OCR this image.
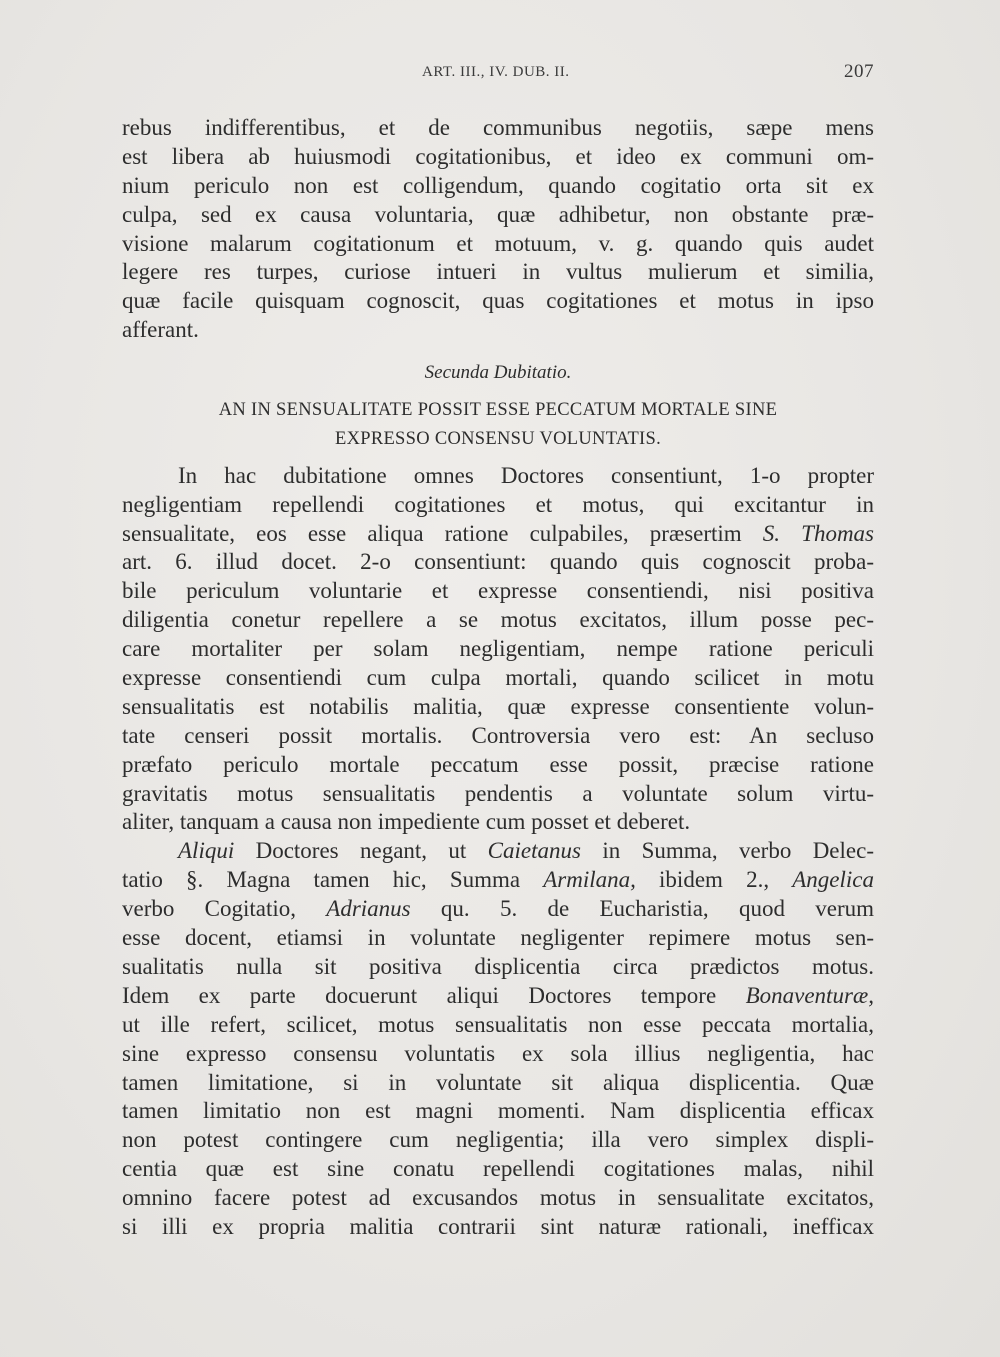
ART. III., IV. DUB. II.	207
rebus indifferentibus, et de communibus negotiis, sæpe mens
est libera ab huiusmodi cogitationibus, et ideo ex communi om-
nium periculo non est colligendum, quando cogitatio orta sit ex
culpa, sed ex causa voluntaria, quæ adhibetur, non obstante præ-
visione malarum cogitationum et motuum, v. g. quando quis audet
legere res turpes, curiose intueri in vultus mulierum et similia,
quæ facile quisquam cognoscit, quas cogitationes et motus in ipso
afferant.
Secunda Dubitatio.
AN IN SENSUALITATE POSSIT ESSE PECCATUM MORTALE SINE
EXPRESSO CONSENSU VOLUNTATIS.
In hac dubitatione omnes Doctores consentiunt, 1-o propter
negligentiam repellendi cogitationes et motus, qui excitantur in
sensualitate, eos esse aliqua ratione culpabiles, præsertim S. Thomas
art. 6. illud docet. 2-o consentiunt: quando quis cognoscit proba-
bile periculum voluntarie et expresse consentiendi, nisi positiva
diligentia conetur repellere a se motus excitatos, illum posse pec-
care mortaliter per solam negligentiam, nempe ratione periculi
expresse consentiendi cum culpa mortali, quando scilicet in motu
sensualitatis est notabilis malitia, quæ expresse consentiente volun-
tate censeri possit mortalis. Controversia vero est: An secluso
præfato periculo mortale peccatum esse possit, præcise ratione
gravitatis motus sensualitatis pendentis a voluntate solum virtu-
aliter, tanquam a causa non impediente cum posset et deberet.
Aliqui Doctores negant, ut Caietanus in Summa, verbo Delec-
tatio §. Magna tamen hic, Summa Armilana, ibidem 2., Angelica
verbo Cogitatio, Adrianus qu. 5. de Eucharistia, quod verum
esse docent, etiamsi in voluntate negligenter repimere motus sen-
sualitatis nulla sit positiva displicentia circa prædictos motus.
Idem ex parte docuerunt aliqui Doctores tempore Bonaventuræ,
ut ille refert, scilicet, motus sensualitatis non esse peccata mortalia,
sine expresso consensu voluntatis ex sola illius negligentia, hac
tamen limitatione, si in voluntate sit aliqua displicentia. Quæ
tamen limitatio non est magni momenti. Nam displicentia efficax
non potest contingere cum negligentia; illa vero simplex displi-
centia quæ est sine conatu repellendi cogitationes malas, nihil
omnino facere potest ad excusandos motus in sensualitate excitatos,
si illi ex propria malitia contrarii sint naturæ rationali, inefficax
